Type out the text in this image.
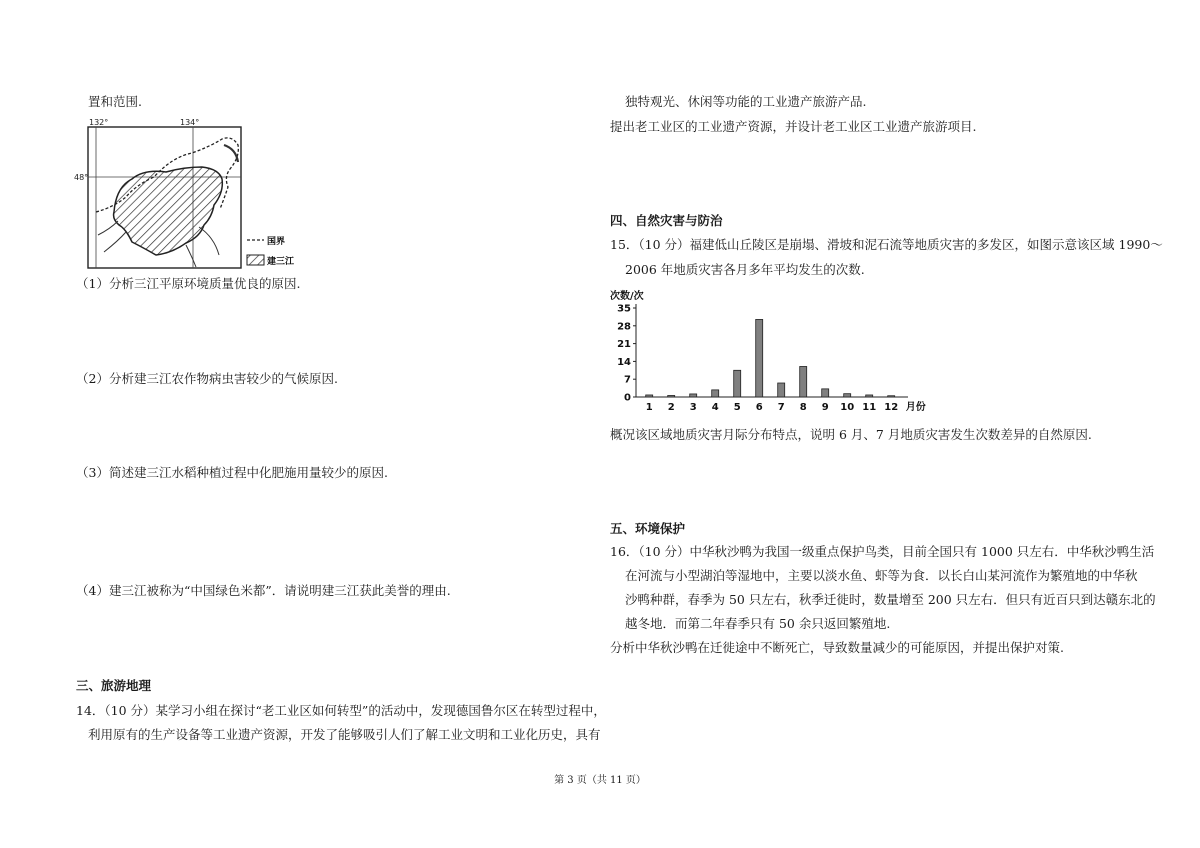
置和范围.
132°	134°
48°
国界
建三江
（1）分析三江平原环境质量优良的原因.
（2）分析建三江农作物病虫害较少的气候原因.
（3）简述建三江水稻种植过程中化肥施用量较少的原因.
（4）建三江被称为“中国绿色米都”．请说明建三江获此美誉的理由.
三、旅游地理
14．（10 分）某学习小组在探讨“老工业区如何转型”的活动中，发现德国鲁尔区在转型过程中，
利用原有的生产设备等工业遗产资源，开发了能够吸引人们了解工业文明和工业化历史，具有
独特观光、休闲等功能的工业遗产旅游产品.
提出老工业区的工业遗产资源，并设计老工业区工业遗产旅游项目.
四、自然灾害与防治
15．（10 分）福建低山丘陵区是崩塌、滑坡和泥石流等地质灾害的多发区，如图示意该区域 1990～
2006 年地质灾害各月多年平均发生的次数.
次数/次
35
28
21
14
7
0
1 2 3 4 5 6 7 8 9 10 11 12 月份
概况该区域地质灾害月际分布特点，说明 6 月、7 月地质灾害发生次数差异的自然原因.
五、环境保护
16．（10 分）中华秋沙鸭为我国一级重点保护鸟类，目前全国只有 1000 只左右．中华秋沙鸭生活
在河流与小型湖泊等湿地中，主要以淡水鱼、虾等为食．以长白山某河流作为繁殖地的中华秋
沙鸭种群，春季为 50 只左右，秋季迁徙时，数量增至 200 只左右．但只有近百只到达赣东北的
越冬地．而第二年春季只有 50 余只返回繁殖地.
分析中华秋沙鸭在迁徙途中不断死亡，导致数量减少的可能原因，并提出保护对策.
第 3 页（共 11 页）
